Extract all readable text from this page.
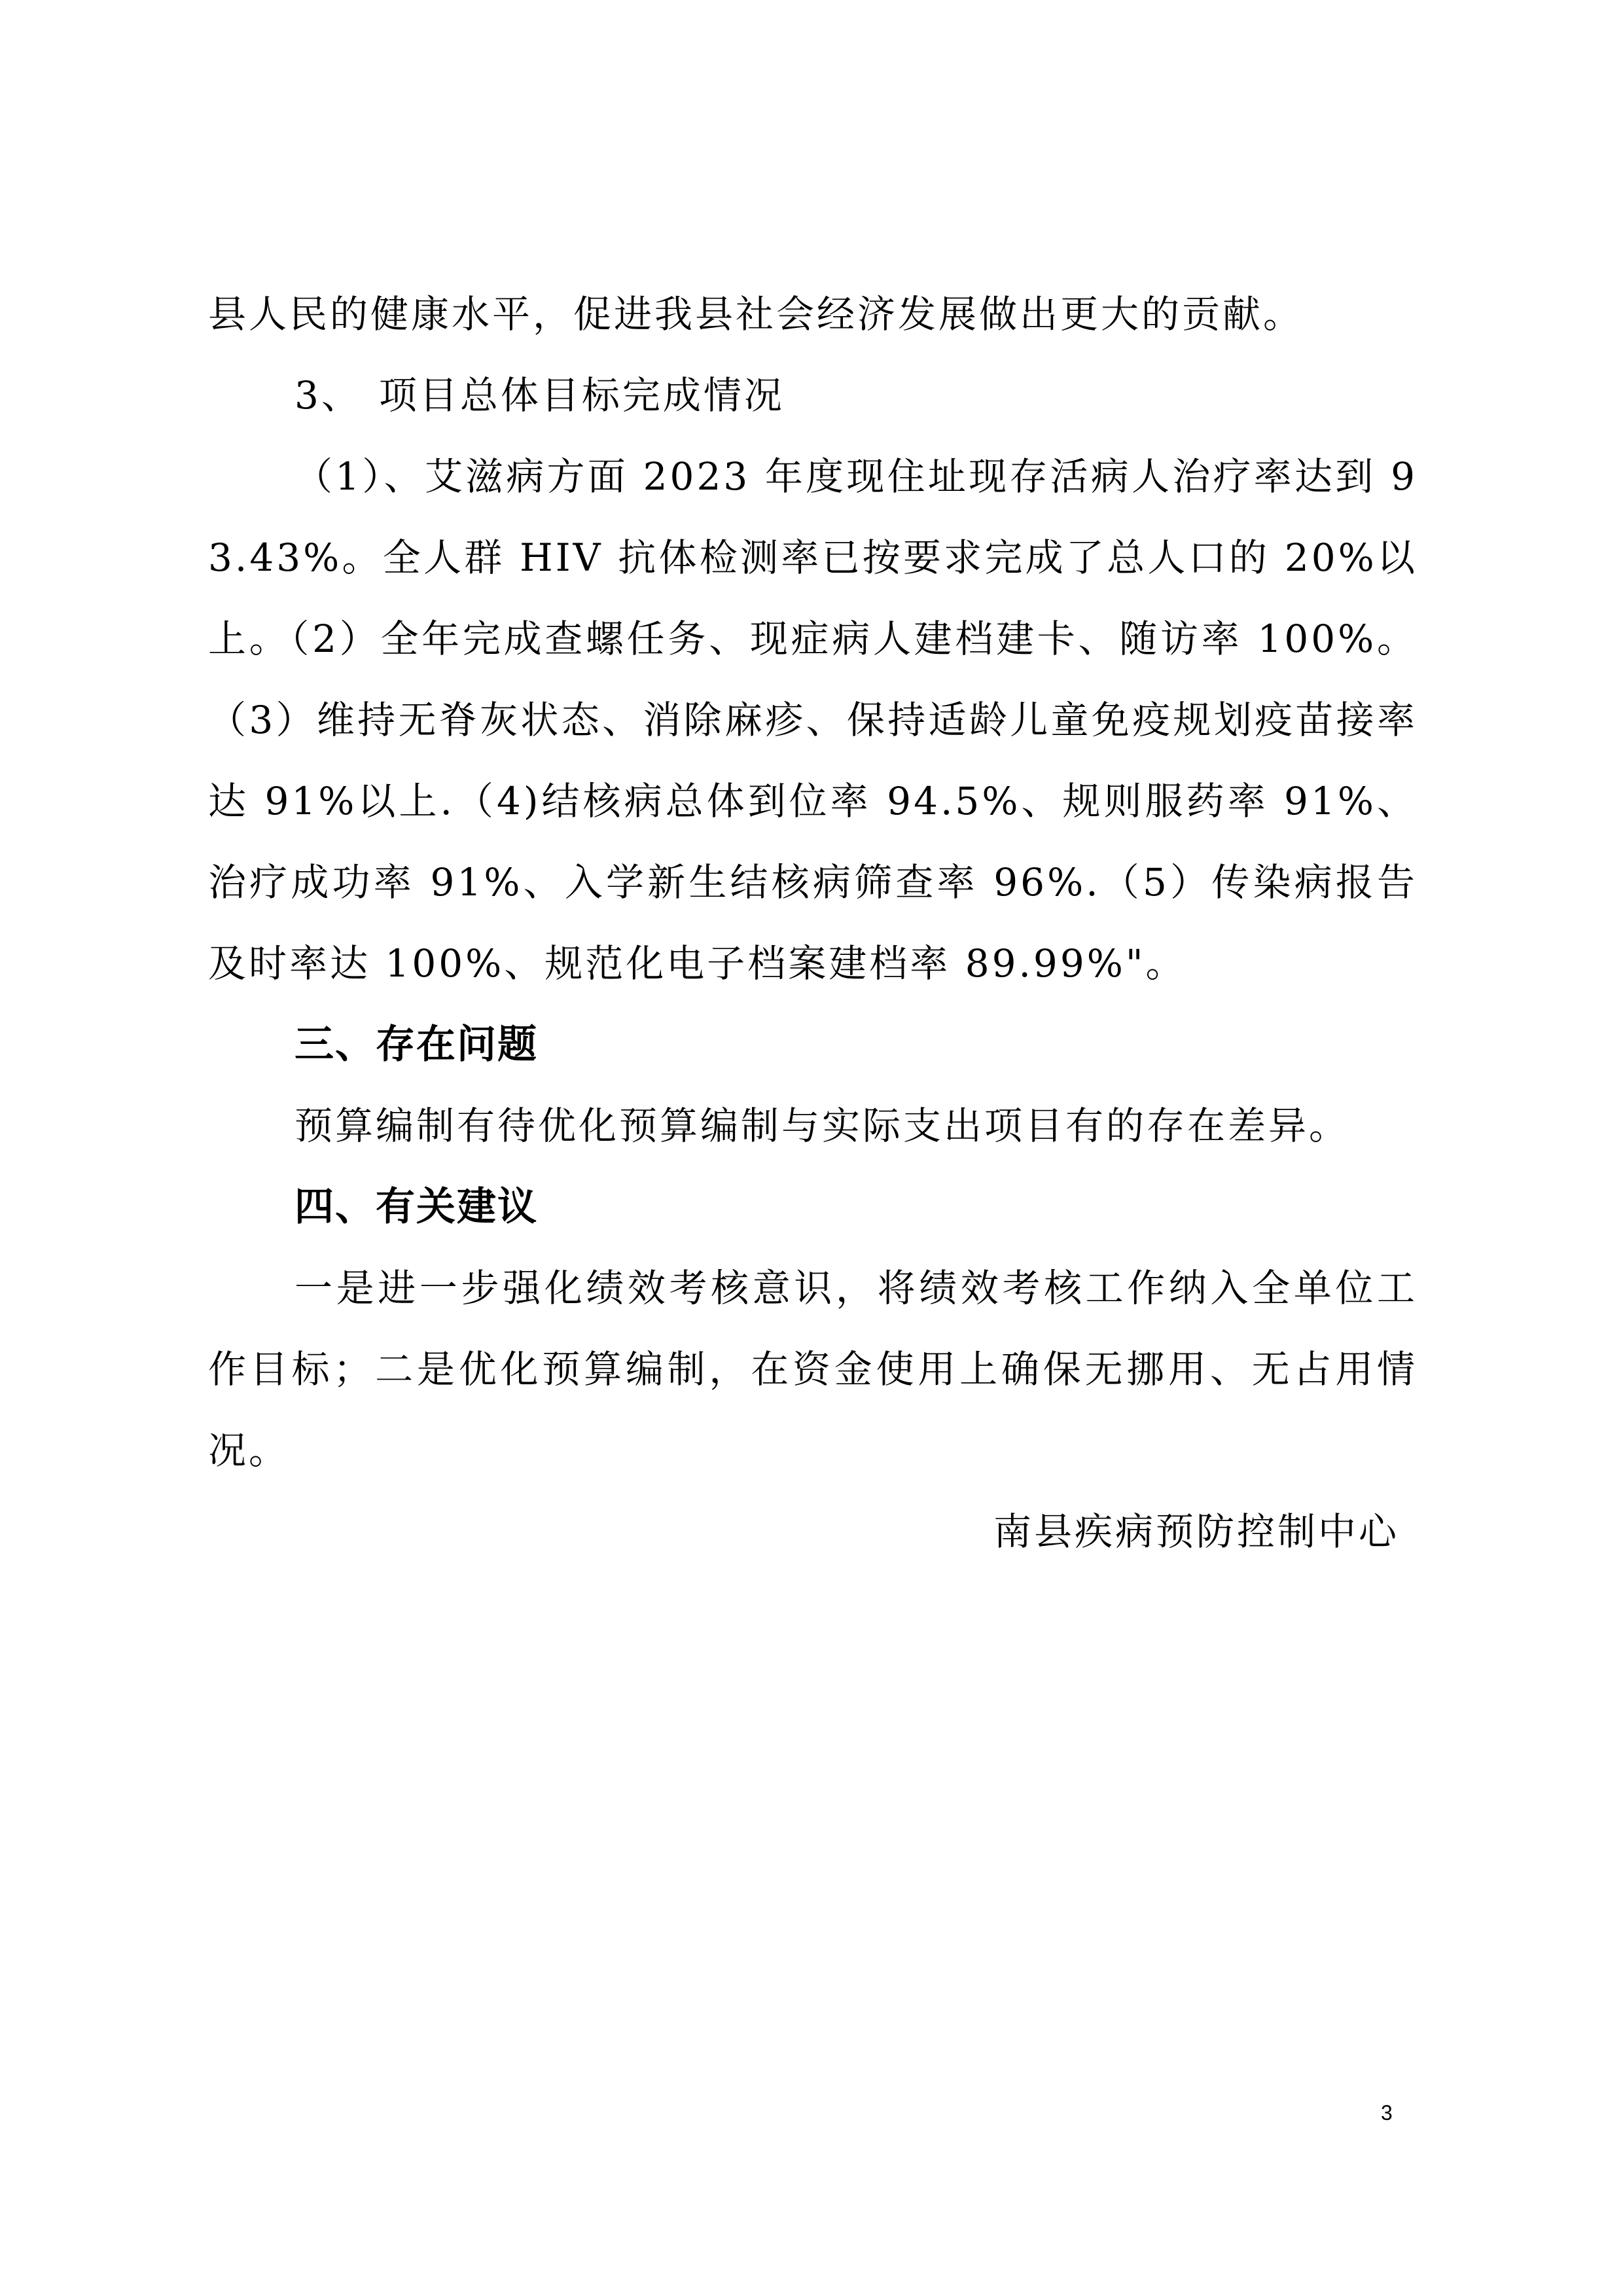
县人民的健康水平，促进我县社会经济发展做出更大的贡献。

3、 项目总体目标完成情况

（1）、艾滋病方面 2023 年度现住址现存活病人治疗率达到 93.43%。全人群 HIV 抗体检测率已按要求完成了总人口的 20%以上。（2）全年完成查螺任务、现症病人建档建卡、随访率 100%。（3）维持无脊灰状态、消除麻疹、保持适龄儿童免疫规划疫苗接率达 91%以上.（4)结核病总体到位率 94.5%、规则服药率 91%、治疗成功率 91%、入学新生结核病筛查率 96%.（5）传染病报告及时率达 100%、规范化电子档案建档率 89.99%"。

三、存在问题

预算编制有待优化预算编制与实际支出项目有的存在差异。

四、有关建议

一是进一步强化绩效考核意识，将绩效考核工作纳入全单位工作目标；二是优化预算编制，在资金使用上确保无挪用、无占用情况。

南县疾病预防控制中心

3
